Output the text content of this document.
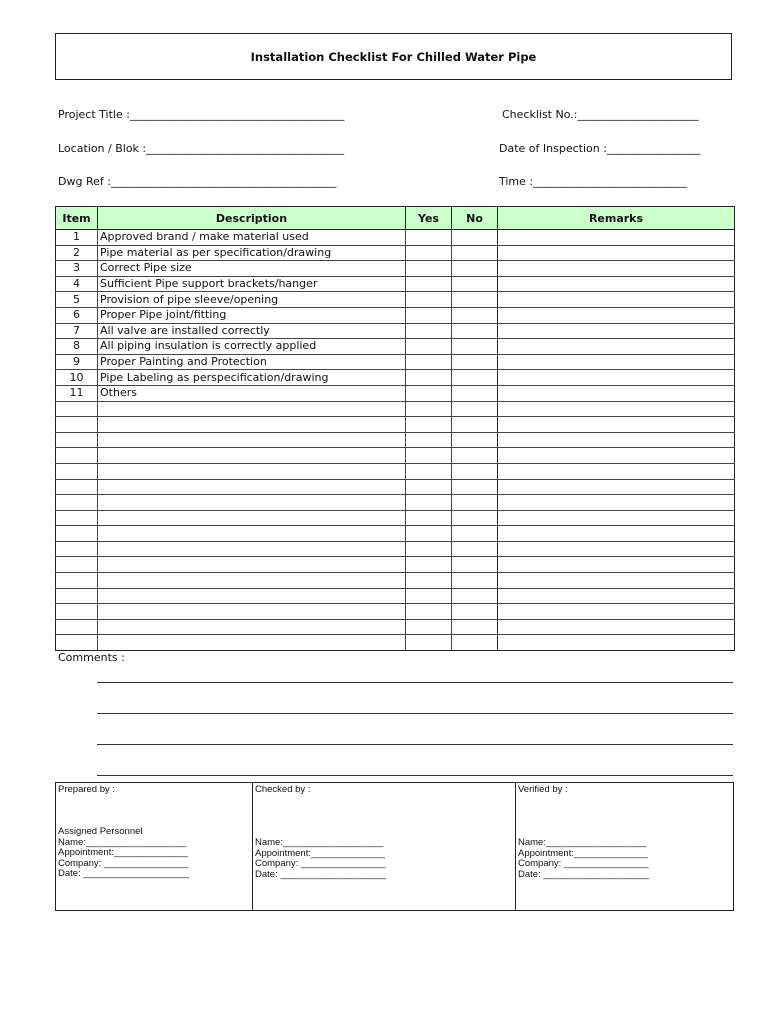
Installation Checklist For Chilled Water Pipe
Project Title :_______________________________________	Checklist No.:______________________
Location / Blok :____________________________________	Date of Inspection :_________________
Dwg Ref :_________________________________________	Time :____________________________
Item	Description	Yes	No	Remarks
1	Approved brand / make material used			
2	Pipe material as per specification/drawing			
3	Correct Pipe size			
4	Sufficient Pipe support brackets/hanger			
5	Provision of pipe sleeve/opening			
6	Proper Pipe joint/fitting			
7	All valve are installed correctly			
8	All piping insulation is correctly applied			
9	Proper Painting and Protection			
10	Pipe Labeling as perspecification/drawing			
11	Others			

Comments :
Prepared by :
Assigned Personnel
Name:___________________
Appointment:______________
Company: ________________
Date: ____________________
Checked by :
Name:___________________
Appointment:______________
Company: ________________
Date: ____________________
Verified by :
Name:___________________
Appointment:______________
Company: ________________
Date: ____________________
